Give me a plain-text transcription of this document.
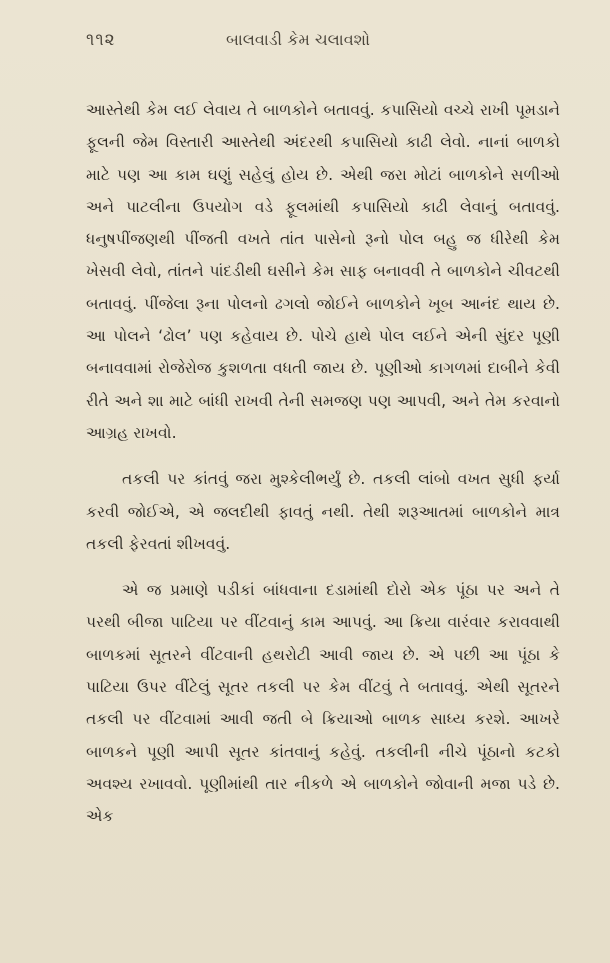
૧૧૨	બાલવાડી કેમ ચલાવશો

આસ્તેથી કેમ લઈ લેવાય તે બાળકોને બતાવવું. કપાસિયો વચ્ચે રાખી પૂમડાને ફૂલની જેમ વિસ્તારી આસ્તેથી અંદરથી કપાસિયો કાઢી લેવો. નાનાં બાળકો માટે પણ આ કામ ઘણું સહેલું હોય છે. એથી જરા મોટાં બાળકોને સળીઓ અને પાટલીના ઉપયોગ વડે ફૂલમાંથી કપાસિયો કાઢી લેવાનું બતાવવું. ધનુષપીંજણથી પીંજતી વખતે તાંત પાસેનો રૂનો પોલ બહુ જ ધીરેથી કેમ ખેસવી લેવો, તાંતને પાંદડીથી ઘસીને કેમ સાફ બનાવવી તે બાળકોને ચીવટથી બતાવવું. પીંજેલા રૂના પોલનો ઢગલો જોઈને બાળકોને ખૂબ આનંદ થાય છે. આ પોલને ‘ઢોલ’ પણ કહેવાય છે. પોચે હાથે પોલ લઈને એની સુંદર પૂણી બનાવવામાં રોજેરોજ કુશળતા વધતી જાય છે. પૂણીઓ કાગળમાં દાબીને કેવી રીતે અને શા માટે બાંધી રાખવી તેની સમજણ પણ આપવી, અને તેમ કરવાનો આગ્રહ રાખવો.

તકલી પર કાંતવું જરા મુશ્કેલીભર્યું છે. તકલી લાંબો વખત સુધી ફર્યા કરવી જોઈએ, એ જલદીથી ફાવતું નથી. તેથી શરૂઆતમાં બાળકોને માત્ર તકલી ફેરવતાં શીખવવું.

એ જ પ્રમાણે પડીકાં બાંધવાના દડામાંથી દોરો એક પૂંઠા પર અને તે પરથી બીજા પાટિયા પર વીંટવાનું કામ આપવું. આ ક્રિયા વારંવાર કરાવવાથી બાળકમાં સૂતરને વીંટવાની હથરોટી આવી જાય છે. એ પછી આ પૂંઠા કે પાટિયા ઉપર વીંટેલું સૂતર તકલી પર કેમ વીંટવું તે બતાવવું. એથી સૂતરને તકલી પર વીંટવામાં આવી જતી બે ક્રિયાઓ બાળક સાધ્ય કરશે. આખરે બાળકને પૂણી આપી સૂતર કાંતવાનું કહેવું. તકલીની નીચે પૂંઠાનો કટકો અવશ્ય રખાવવો. પૂણીમાંથી તાર નીકળે એ બાળકોને જોવાની મજા પડે છે. એક
